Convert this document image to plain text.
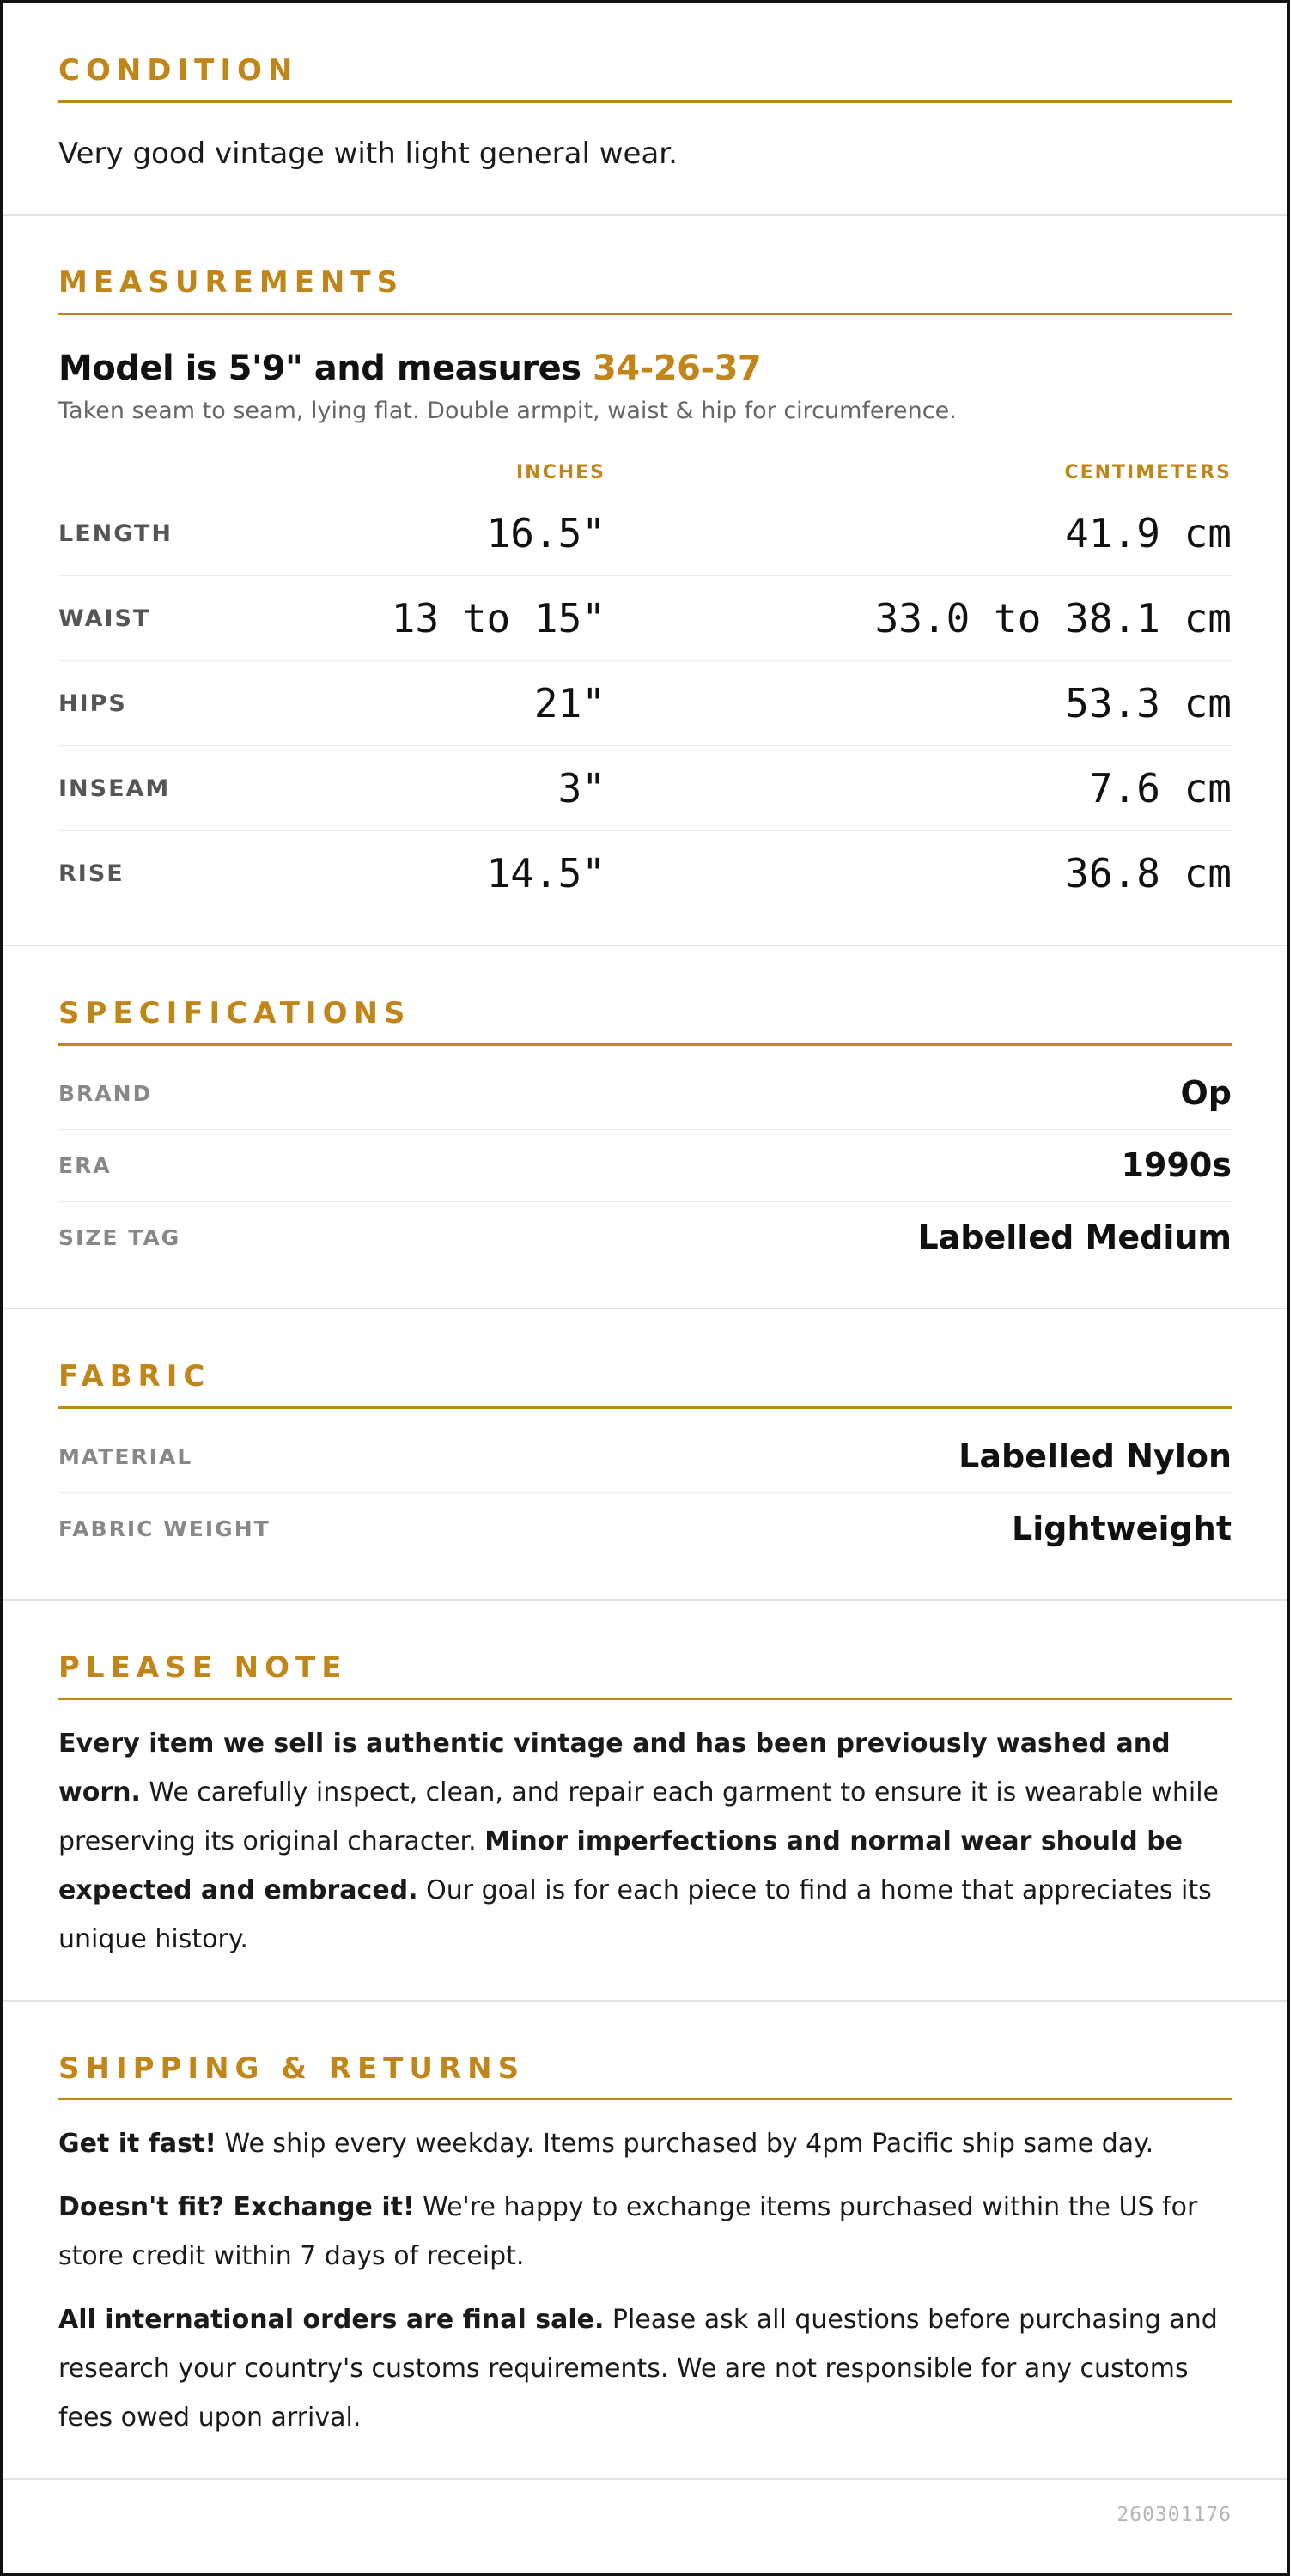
CONDITION
Very good vintage with light general wear.
MEASUREMENTS
Model is 5'9" and measures 34-26-37
Taken seam to seam, lying flat. Double armpit, waist & hip for circumference.
INCHES	CENTIMETERS
LENGTH	16.5"	41.9 cm
WAIST	13 to 15"	33.0 to 38.1 cm
HIPS	21"	53.3 cm
INSEAM	3"	7.6 cm
RISE	14.5"	36.8 cm
SPECIFICATIONS
BRAND	Op
ERA	1990s
SIZE TAG	Labelled Medium
FABRIC
MATERIAL	Labelled Nylon
FABRIC WEIGHT	Lightweight
PLEASE NOTE

Every item we sell is authentic vintage and has been previously washed and worn. We carefully inspect, clean, and repair each garment to ensure it is wearable while preserving its original character. Minor imperfections and normal wear should be expected and embraced. Our goal is for each piece to find a home that appreciates its unique history.

SHIPPING & RETURNS

Get it fast! We ship every weekday. Items purchased by 4pm Pacific ship same day.

Doesn't fit? Exchange it! We're happy to exchange items purchased within the US for store credit within 7 days of receipt.

All international orders are final sale. Please ask all questions before purchasing and research your country's customs requirements. We are not responsible for any customs fees owed upon arrival.

260301176
